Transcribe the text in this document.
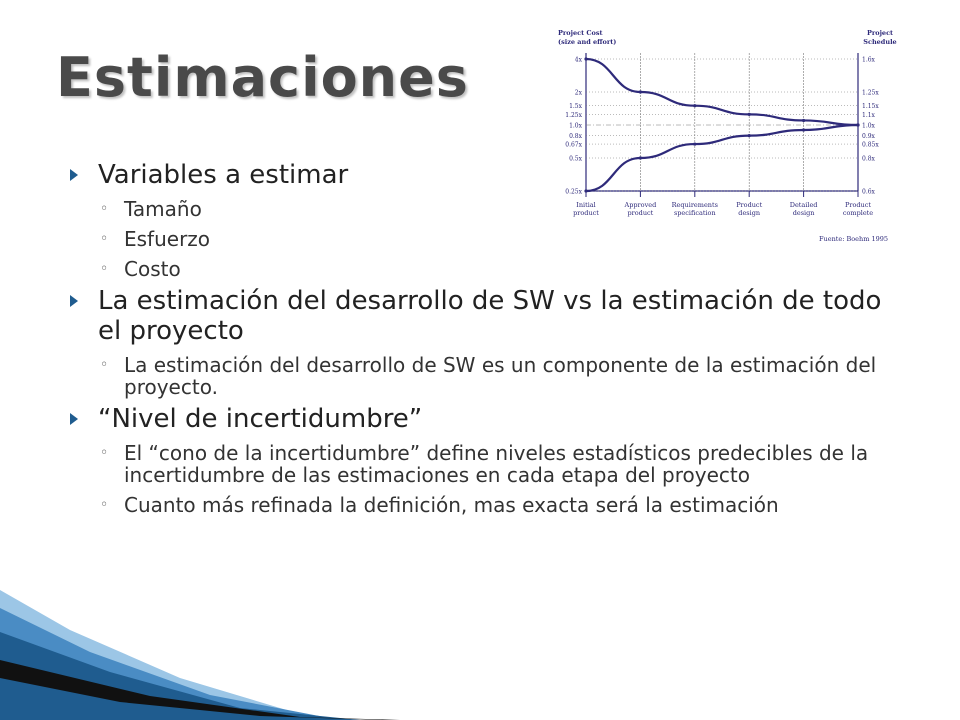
Estimaciones
Variables a estimar
◦ Tamaño
◦ Esfuerzo
◦ Costo
La estimación del desarrollo de SW vs la estimación de todo el proyecto
◦ La estimación del desarrollo de SW es un componente de la estimación del proyecto.
“Nivel de incertidumbre”
◦ El “cono de la incertidumbre” define niveles estadísticos predecibles de la incertidumbre de las estimaciones en cada etapa del proyecto
◦ Cuanto más refinada la definición, mas exacta será la estimación
4x	1.6x
2x	1.25x
1.5x	1.15x
1.25x	1.1x
1.0x	1.0x
0.8x	0.9x
0.67x	0.85x
0.5x	0.8x
0.25x	0.6x
Initial
product
Approved
product
Requirements
specification
Product
design
Detailed
design
Product
complete
Project Cost
(size and effort)
Project
Schedule
Fuente: Boehm 1995
